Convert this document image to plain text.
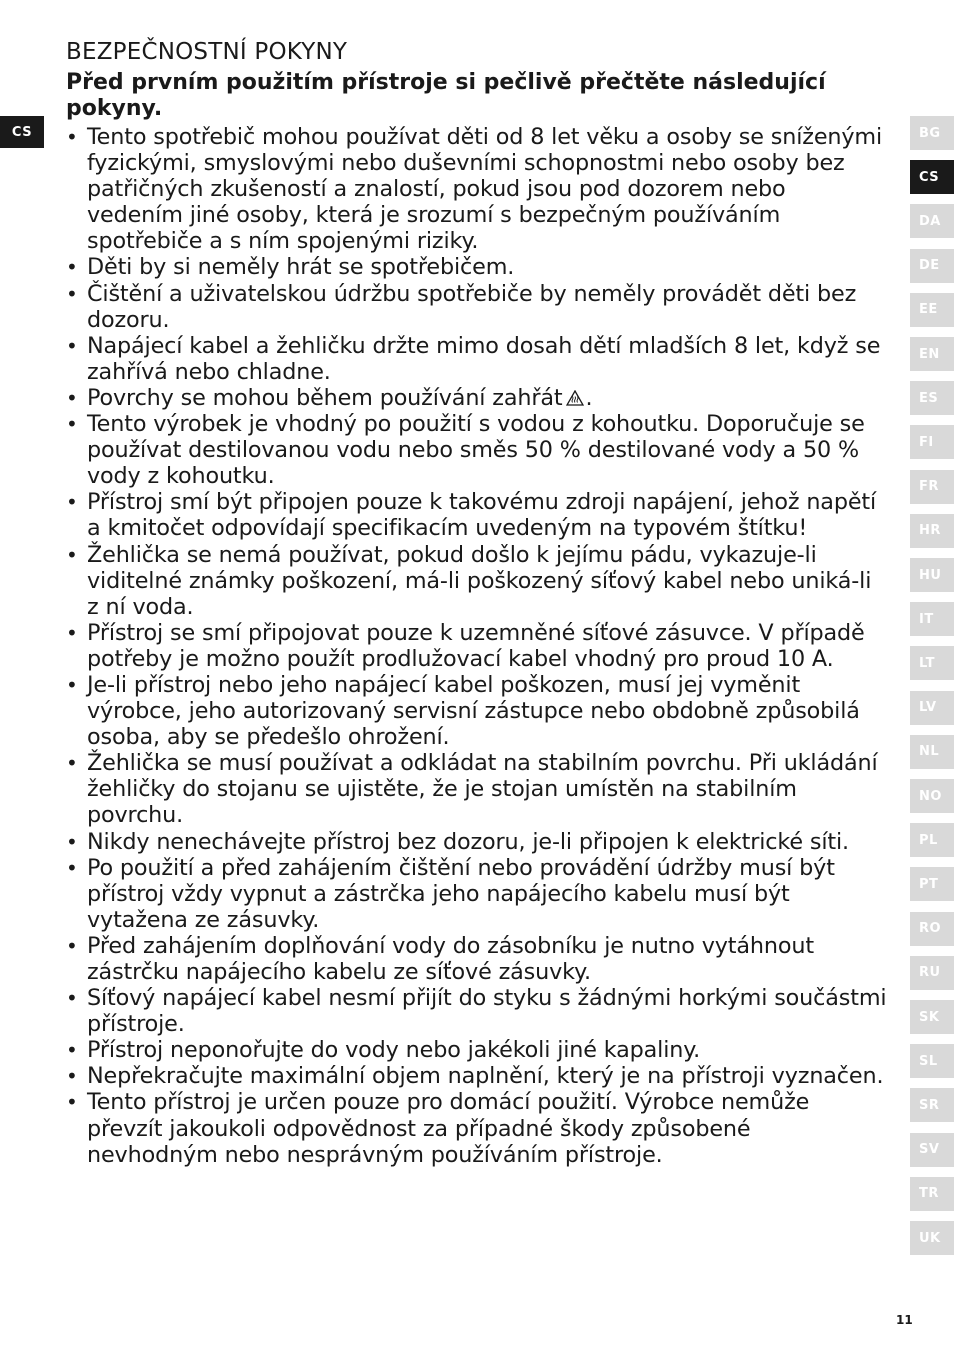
CS
BEZPEČNOSTNÍ POKYNY

Před prvním použitím přístroje si pečlivě přečtěte následující pokyny.

• Tento spotřebič mohou používat děti od 8 let věku a osoby se sníženými fyzickými, smyslovými nebo duševními schopnostmi nebo osoby bez patřičných zkušeností a znalostí, pokud jsou pod dozorem nebo vedením jiné osoby, která je srozumí s bezpečným používáním spotřebiče a s ním spojenými riziky.
• Děti by si neměly hrát se spotřebičem.
• Čištění a uživatelskou údržbu spotřebiče by neměly provádět děti bez dozoru.
• Napájecí kabel a žehličku držte mimo dosah dětí mladších 8 let, když se zahřívá nebo chladne.
• Povrchy se mohou během používání zahřát .
• Tento výrobek je vhodný po použití s vodou z kohoutku. Doporučuje se používat destilovanou vodu nebo směs 50 % destilované vody a 50 % vody z kohoutku.
• Přístroj smí být připojen pouze k takovému zdroji napájení, jehož napětí a kmitočet odpovídají specifikacím uvedeným na typovém štítku!
• Žehlička se nemá používat, pokud došlo k jejímu pádu, vykazuje-li viditelné známky poškození, má-li poškozený síťový kabel nebo uniká-li z ní voda.
• Přístroj se smí připojovat pouze k uzemněné síťové zásuvce. V případě potřeby je možno použít prodlužovací kabel vhodný pro proud 10 A.
• Je-li přístroj nebo jeho napájecí kabel poškozen, musí jej vyměnit výrobce, jeho autorizovaný servisní zástupce nebo obdobně způsobilá osoba, aby se předešlo ohrožení.
• Žehlička se musí používat a odkládat na stabilním povrchu. Při ukládání žehličky do stojanu se ujistěte, že je stojan umístěn na stabilním povrchu.
• Nikdy nenechávejte přístroj bez dozoru, je-li připojen k elektrické síti.
• Po použití a před zahájením čištění nebo provádění údržby musí být přístroj vždy vypnut a zástrčka jeho napájecího kabelu musí být vytažena ze zásuvky.
• Před zahájením doplňování vody do zásobníku je nutno vytáhnout zástrčku napájecího kabelu ze síťové zásuvky.
• Síťový napájecí kabel nesmí přijít do styku s žádnými horkými součástmi přístroje.
• Přístroj neponořujte do vody nebo jakékoli jiné kapaliny.
• Nepřekračujte maximální objem naplnění, který je na přístroji vyznačen.
• Tento přístroj je určen pouze pro domácí použití. Výrobce nemůže převzít jakoukoli odpovědnost za případné škody způsobené nevhodným nebo nesprávným používáním přístroje.
BG
CS
DA
DE
EE
EN
ES
FI
FR
HR
HU
IT
LT
LV
NL
NO
PL
PT
RO
RU
SK
SL
SR
SV
TR
UK
11
